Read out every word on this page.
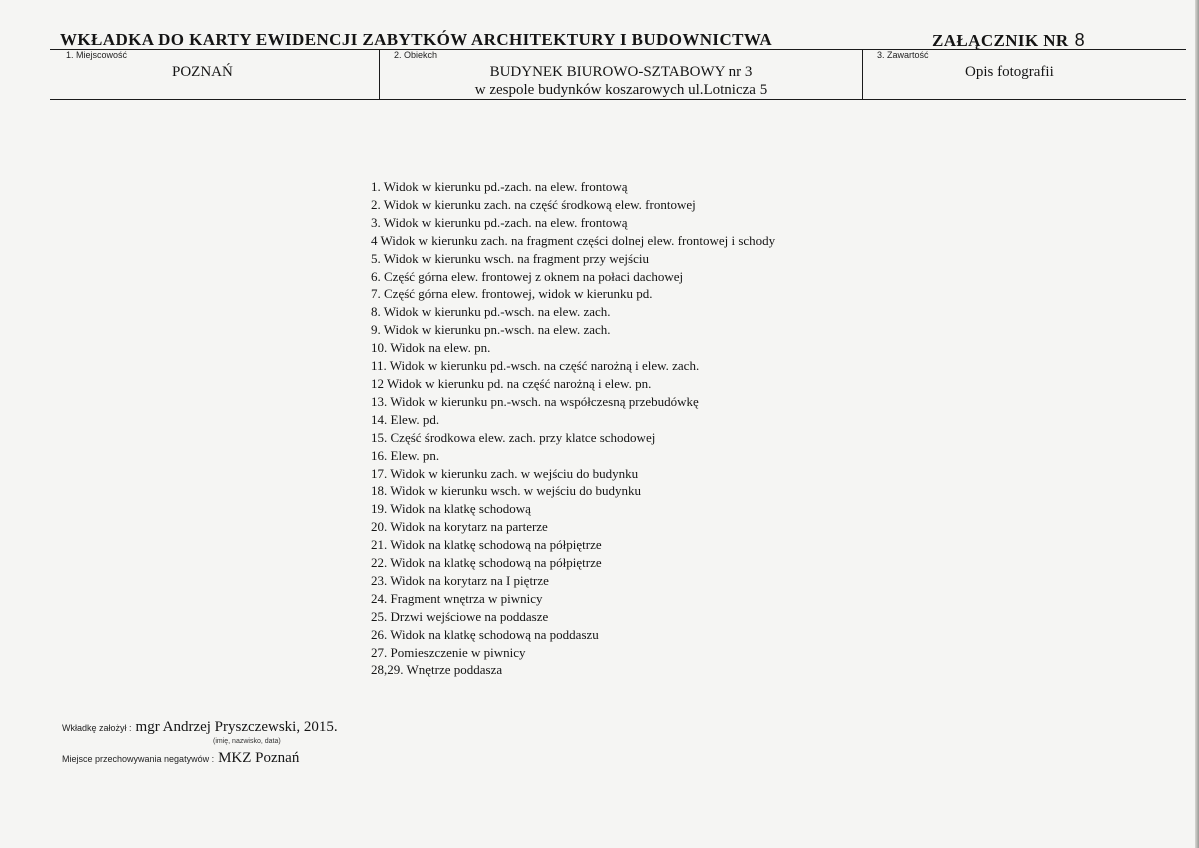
WKŁADKA DO KARTY EWIDENCJI ZABYTKÓW ARCHITEKTURY I BUDOWNICTWA	ZAŁĄCZNIK NR 8
1. Miejscowość
POZNAŃ
2. Obiekch
BUDYNEK BIUROWO-SZTABOWY nr 3
w zespole budynków koszarowych ul.Lotnicza 5
3. Zawartość
Opis fotografii
1. Widok w kierunku pd.-zach. na elew. frontową
2. Widok w kierunku zach. na część środkową elew. frontowej
3. Widok w kierunku pd.-zach. na elew. frontową
4 Widok w kierunku zach. na fragment części dolnej elew. frontowej i schody
5. Widok w kierunku wsch. na fragment przy wejściu
6. Część górna elew. frontowej z oknem na połaci dachowej
7. Część górna elew. frontowej, widok w kierunku pd.
8. Widok w kierunku pd.-wsch. na elew. zach.
9. Widok w kierunku pn.-wsch. na elew. zach.
10. Widok na elew. pn.
11. Widok w kierunku pd.-wsch. na część narożną i elew. zach.
12 Widok w kierunku pd. na część narożną i elew. pn.
13. Widok w kierunku pn.-wsch. na współczesną przebudówkę
14. Elew. pd.
15. Część środkowa elew. zach. przy klatce schodowej
16. Elew. pn.
17. Widok w kierunku zach. w wejściu do budynku
18. Widok w kierunku wsch. w wejściu do budynku
19. Widok na klatkę schodową
20. Widok na korytarz na parterze
21. Widok na klatkę schodową na półpiętrze
22. Widok na klatkę schodową na półpiętrze
23. Widok na korytarz na I piętrze
24. Fragment wnętrza w piwnicy
25. Drzwi wejściowe na poddasze
26. Widok na klatkę schodową na poddaszu
27. Pomieszczenie w piwnicy
28,29. Wnętrze poddasza
Wkładkę założył : mgr Andrzej Pryszczewski, 2015.
(imię, nazwisko, data)
Miejsce przechowywania negatywów : MKZ Poznań
